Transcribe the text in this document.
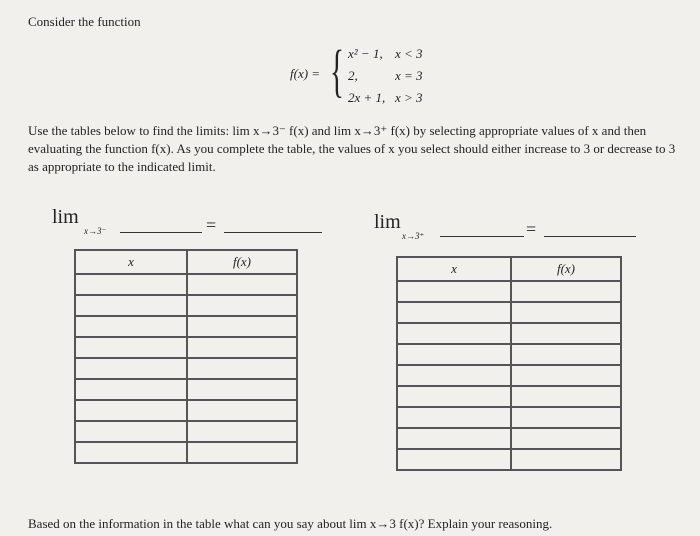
Consider the function
f(x) = { x² − 1, x < 3
2,	x = 3
2x + 1, x > 3
Use the tables below to find the limits: lim x→3⁻ f(x) and lim x→3⁺ f(x) by selecting appropriate values of x and then evaluating the function f(x). As you complete the table, the values of x you select should either increase to 3 or decrease to 3 as appropriate to the indicated limit.
lim
x→3⁻	=	lim
x→3⁺	=
x	f(x)

		x	f(x)

Based on the information in the table what can you say about lim x→3 f(x)? Explain your reasoning.
